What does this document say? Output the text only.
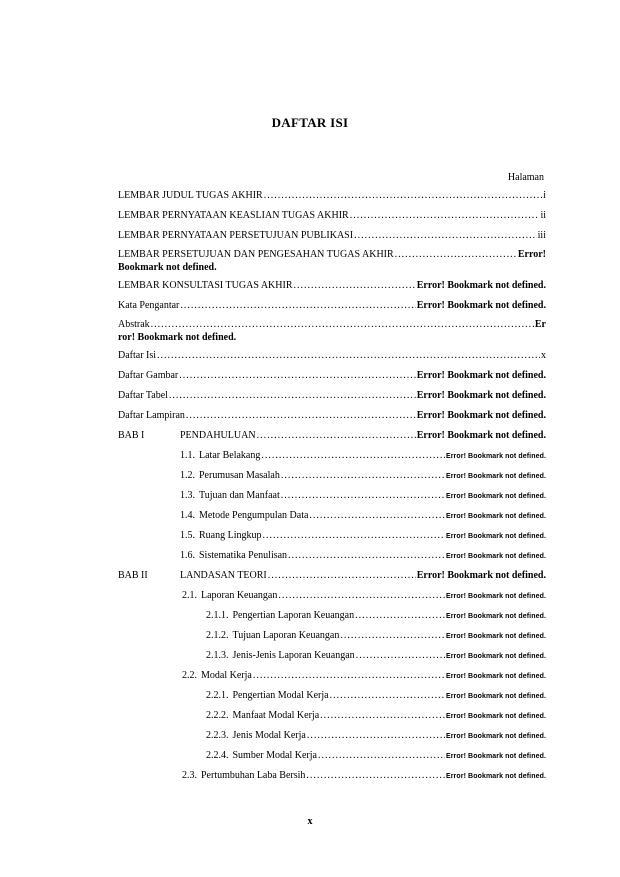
DAFTAR ISI
Halaman
LEMBAR JUDUL TUGAS AKHIR .....	i
LEMBAR PERNYATAAN KEASLIAN TUGAS AKHIR .....	ii
LEMBAR PERNYATAAN PERSETUJUAN PUBLIKASI .....	iii
LEMBAR PERSETUJUAN DAN PENGESAHAN TUGAS AKHIR .....	Error!
Bookmark not defined.
LEMBAR KONSULTASI TUGAS AKHIR .....	Error! Bookmark not defined.
Kata Pengantar .....	Error! Bookmark not defined.
Abstrak .....	Er
ror! Bookmark not defined.
Daftar Isi .....	x
Daftar Gambar .....	Error! Bookmark not defined.
Daftar Tabel .....	Error! Bookmark not defined.
Daftar Lampiran .....	Error! Bookmark not defined.
BAB I	PENDAHULUAN .....	Error! Bookmark not defined.
1.1. Latar Belakang .....	Error! Bookmark not defined.
1.2. Perumusan Masalah .....	Error! Bookmark not defined.
1.3. Tujuan dan Manfaat .....	Error! Bookmark not defined.
1.4. Metode Pengumpulan Data .....	Error! Bookmark not defined.
1.5. Ruang Lingkup .....	Error! Bookmark not defined.
1.6. Sistematika Penulisan .....	Error! Bookmark not defined.
BAB II	LANDASAN TEORI .....	Error! Bookmark not defined.
2.1. Laporan Keuangan .....	Error! Bookmark not defined.
2.1.1. Pengertian Laporan Keuangan .....	Error! Bookmark not defined.
2.1.2. Tujuan Laporan Keuangan .....	Error! Bookmark not defined.
2.1.3. Jenis-Jenis Laporan Keuangan .....	Error! Bookmark not defined.
2.2. Modal Kerja .....	Error! Bookmark not defined.
2.2.1. Pengertian Modal Kerja .....	Error! Bookmark not defined.
2.2.2. Manfaat Modal Kerja .....	Error! Bookmark not defined.
2.2.3. Jenis Modal Kerja .....	Error! Bookmark not defined.
2.2.4. Sumber Modal Kerja .....	Error! Bookmark not defined.
2.3. Pertumbuhan Laba Bersih .....	Error! Bookmark not defined.
x
